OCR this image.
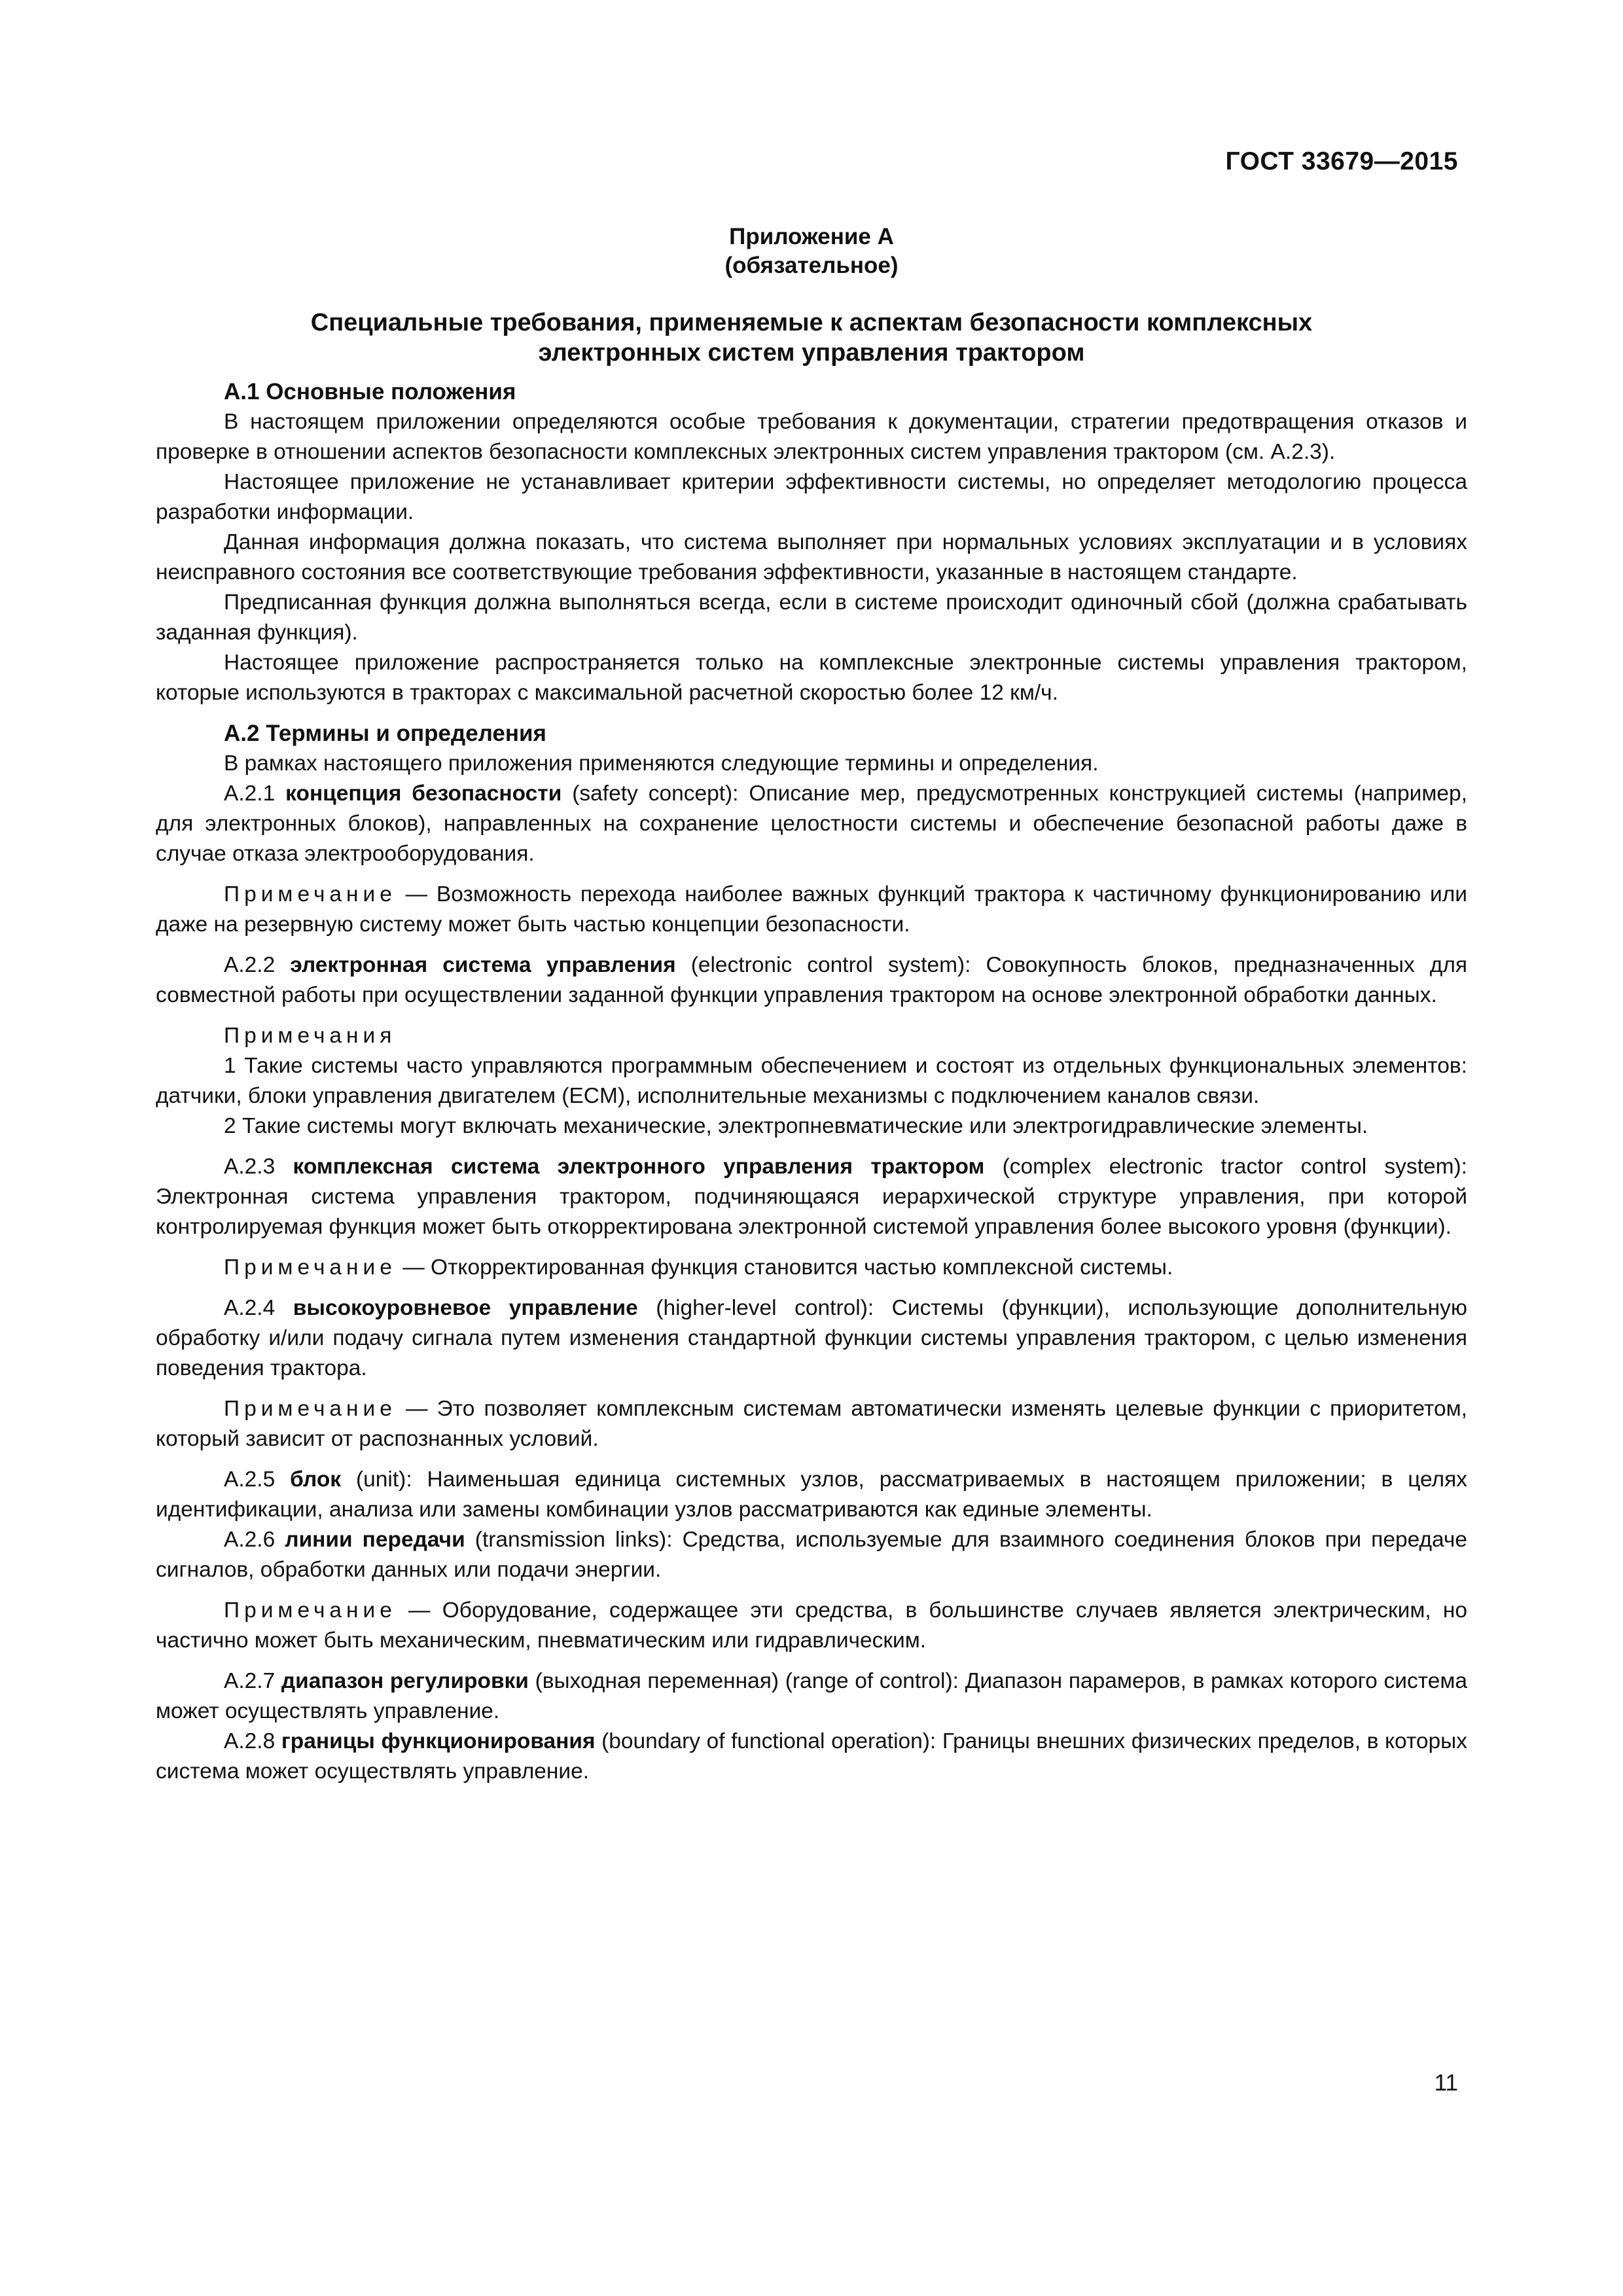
ГОСТ 33679—2015

Приложение А
(обязательное)
Специальные требования, применяемые к аспектам безопасности комплексных
электронных систем управления трактором
А.1 Основные положения

В настоящем приложении определяются особые требования к документации, стратегии предотвращения отказов и проверке в отношении аспектов безопасности комплексных электронных систем управления трактором (см. А.2.3).

Настоящее приложение не устанавливает критерии эффективности системы, но определяет методологию процесса разработки информации.

Данная информация должна показать, что система выполняет при нормальных условиях эксплуатации и в условиях неисправного состояния все соответствующие требования эффективности, указанные в настоящем стандарте.

Предписанная функция должна выполняться всегда, если в системе происходит одиночный сбой (должна срабатывать заданная функция).

Настоящее приложение распространяется только на комплексные электронные системы управления трактором, которые используются в тракторах с максимальной расчетной скоростью более 12 км/ч.

А.2 Термины и определения

В рамках настоящего приложения применяются следующие термины и определения.

А.2.1 концепция безопасности (safety concept): Описание мер, предусмотренных конструкцией системы (например, для электронных блоков), направленных на сохранение целостности системы и обеспечение безопасной работы даже в случае отказа электрооборудования.

Примечание — Возможность перехода наиболее важных функций трактора к частичному функционированию или даже на резервную систему может быть частью концепции безопасности.

А.2.2 электронная система управления (electronic control system): Совокупность блоков, предназначенных для совместной работы при осуществлении заданной функции управления трактором на основе электронной обработки данных.

Примечания

1 Такие системы часто управляются программным обеспечением и состоят из отдельных функциональных элементов: датчики, блоки управления двигателем (ECM), исполнительные механизмы с подключением каналов связи.

2 Такие системы могут включать механические, электропневматические или электрогидравлические элементы.

А.2.3 комплексная система электронного управления трактором (complex electronic tractor control system): Электронная система управления трактором, подчиняющаяся иерархической структуре управления, при которой контролируемая функция может быть откорректирована электронной системой управления более высокого уровня (функции).

Примечание — Откорректированная функция становится частью комплексной системы.

А.2.4 высокоуровневое управление (higher-level control): Системы (функции), использующие дополнительную обработку и/или подачу сигнала путем изменения стандартной функции системы управления трактором, с целью изменения поведения трактора.

Примечание — Это позволяет комплексным системам автоматически изменять целевые функции с приоритетом, который зависит от распознанных условий.

А.2.5 блок (unit): Наименьшая единица системных узлов, рассматриваемых в настоящем приложении; в целях идентификации, анализа или замены комбинации узлов рассматриваются как единые элементы.

А.2.6 линии передачи (transmission links): Средства, используемые для взаимного соединения блоков при передаче сигналов, обработки данных или подачи энергии.

Примечание — Оборудование, содержащее эти средства, в большинстве случаев является электрическим, но частично может быть механическим, пневматическим или гидравлическим.

А.2.7 диапазон регулировки (выходная переменная) (range of control): Диапазон парамеров, в рамках которого система может осуществлять управление.

А.2.8 границы функционирования (boundary of functional operation): Границы внешних физических пределов, в которых система может осуществлять управление.

11
